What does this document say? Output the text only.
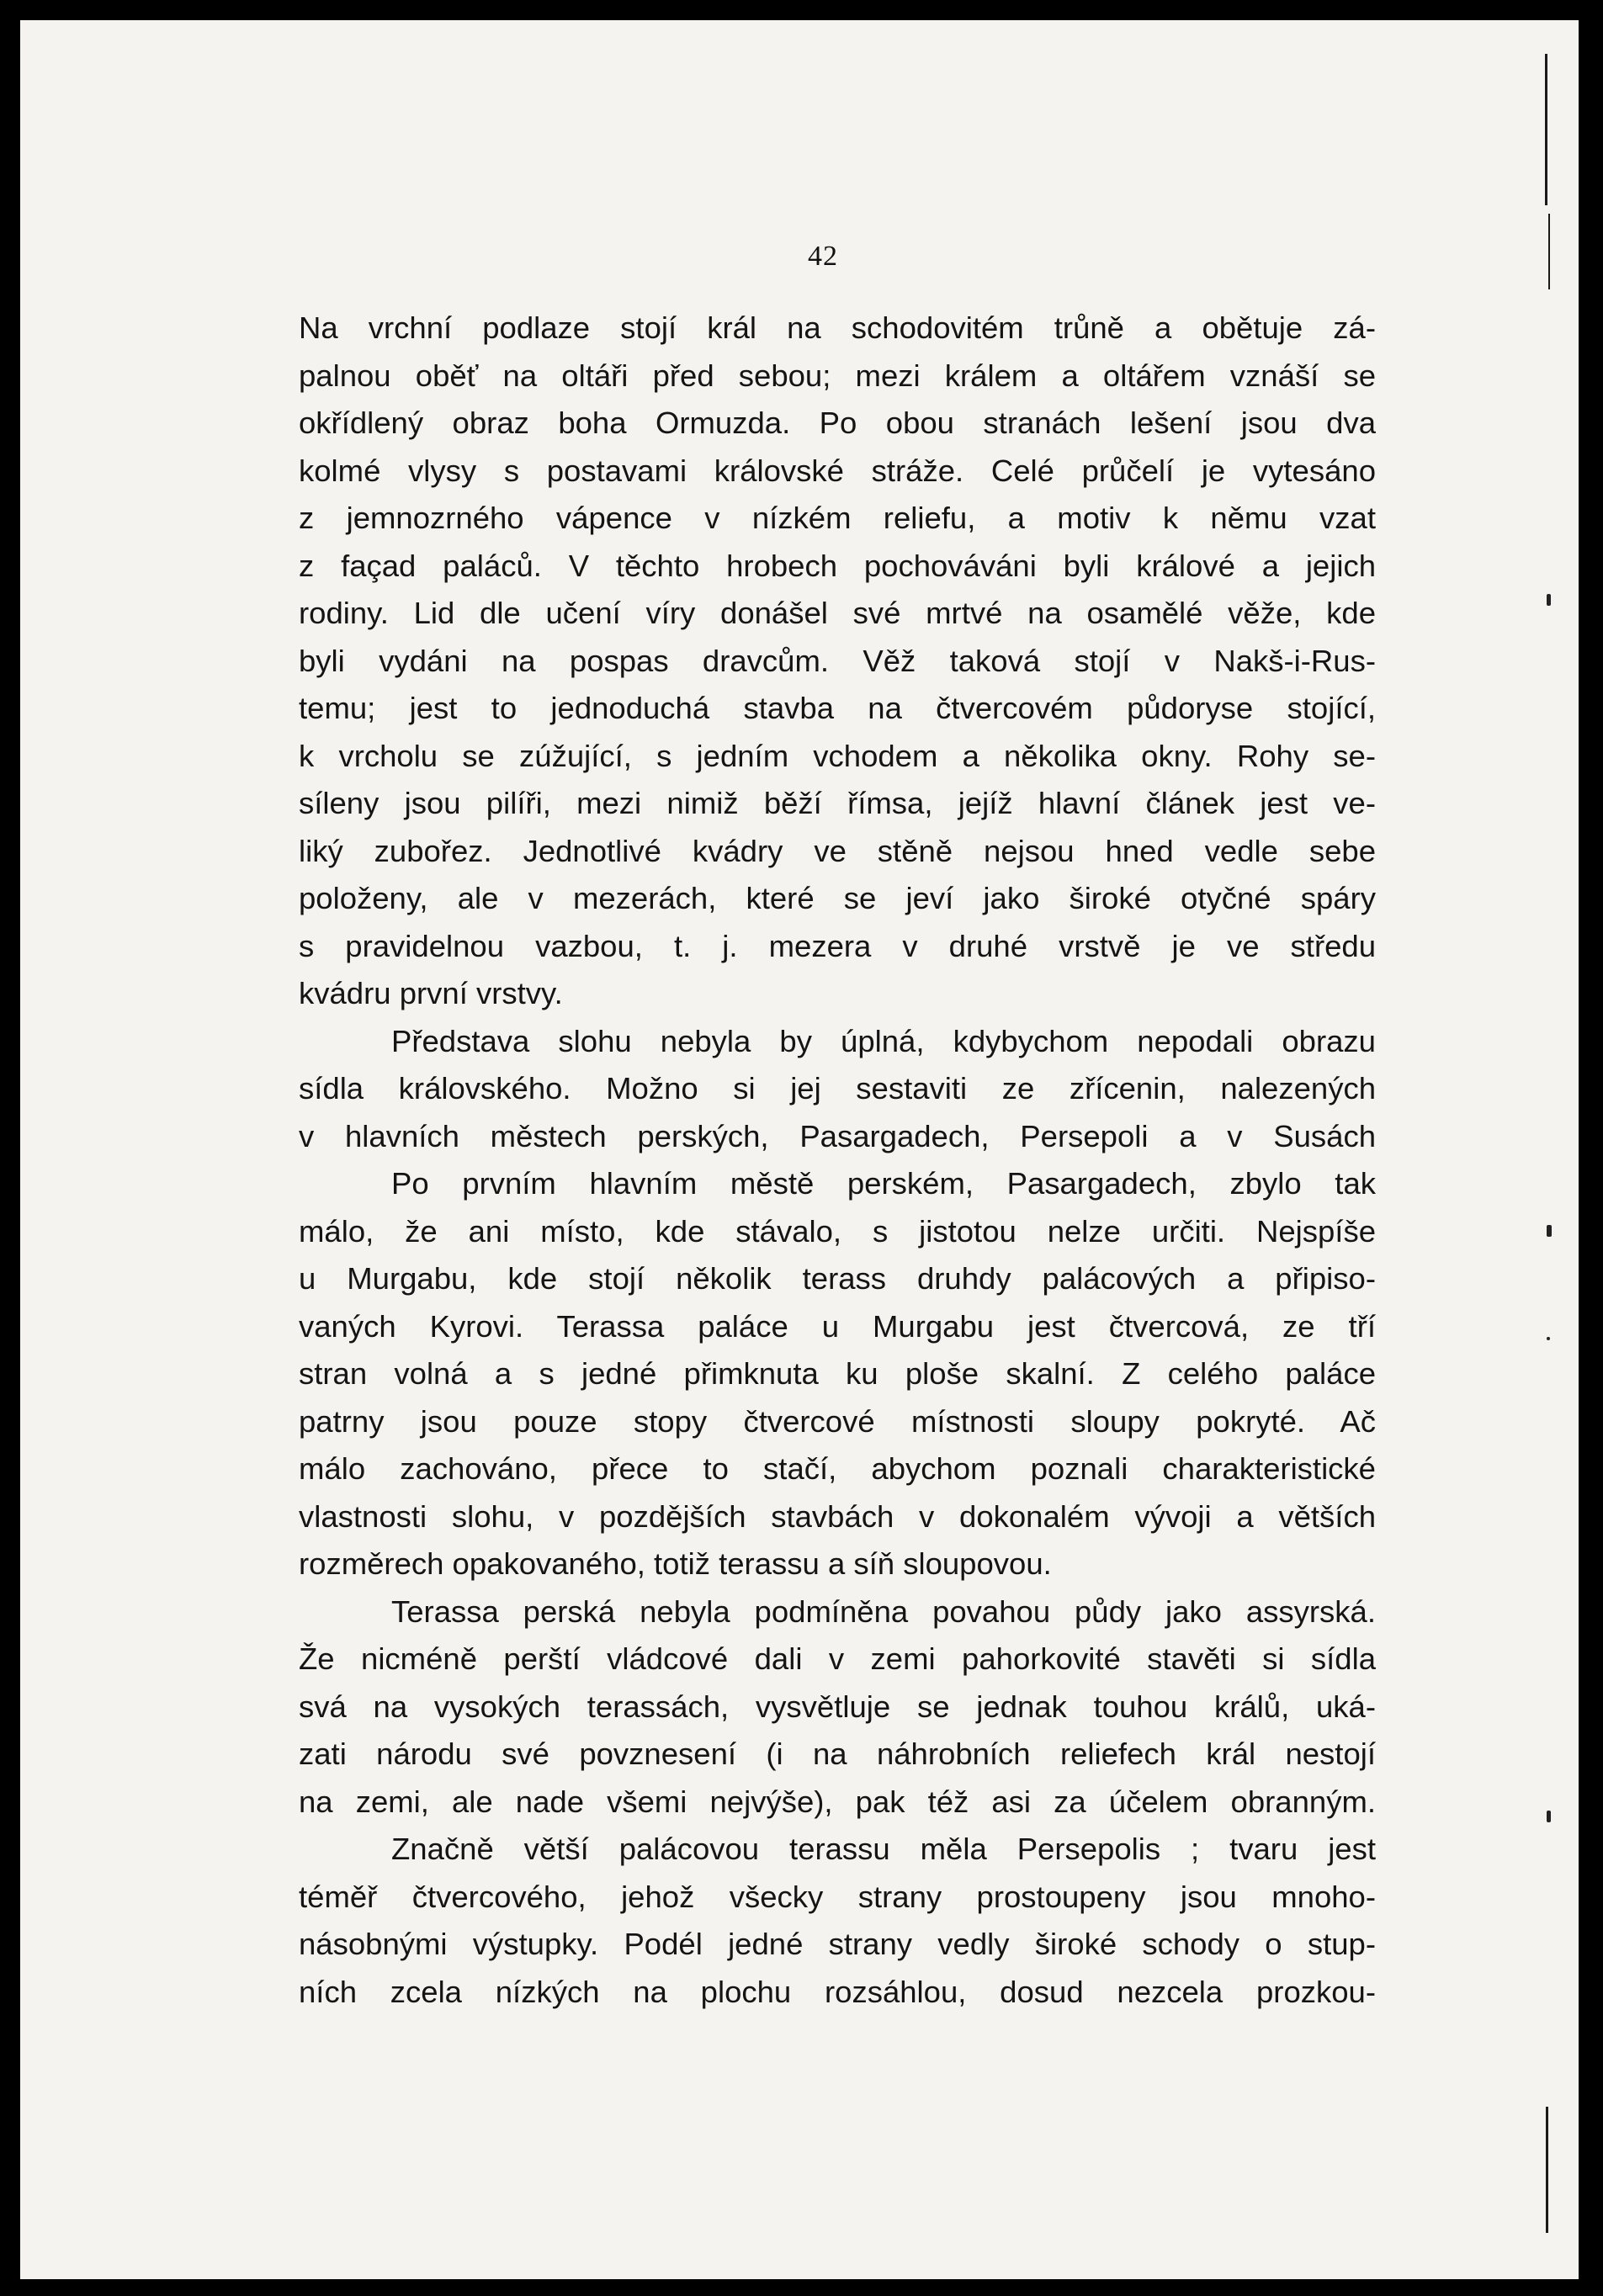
42
Na vrchní podlaze stojí král na schodovitém trůně a obětuje zá-
palnou oběť na oltáři před sebou; mezi králem a oltářem vznáší se
okřídlený obraz boha Ormuzda. Po obou stranách lešení jsou dva
kolmé vlysy s postavami královské stráže. Celé průčelí je vytesáno
z jemnozrného vápence v nízkém reliefu, a motiv k němu vzat
z façad paláců. V těchto hrobech pochováváni byli králové a jejich
rodiny. Lid dle učení víry donášel své mrtvé na osamělé věže, kde
byli vydáni na pospas dravcům. Věž taková stojí v Nakš-i-Rus-
temu; jest to jednoduchá stavba na čtvercovém půdoryse stojící,
k vrcholu se zúžující, s jedním vchodem a několika okny. Rohy se-
síleny jsou pilíři, mezi nimiž běží římsa, jejíž hlavní článek jest ve-
liký zubořez. Jednotlivé kvádry ve stěně nejsou hned vedle sebe
položeny, ale v mezerách, které se jeví jako široké otyčné spáry
s pravidelnou vazbou, t. j. mezera v druhé vrstvě je ve středu
kvádru první vrstvy.
Představa slohu nebyla by úplná, kdybychom nepodali obrazu
sídla královského. Možno si jej sestaviti ze zřícenin, nalezených
v hlavních městech perských, Pasargadech, Persepoli a v Susách
Po prvním hlavním městě perském, Pasargadech, zbylo tak
málo, že ani místo, kde stávalo, s jistotou nelze určiti. Nejspíše
u Murgabu, kde stojí několik terass druhdy palácových a připiso-
vaných Kyrovi. Terassa paláce u Murgabu jest čtvercová, ze tří
stran volná a s jedné přimknuta ku ploše skalní. Z celého paláce
patrny jsou pouze stopy čtvercové místnosti sloupy pokryté. Ač
málo zachováno, přece to stačí, abychom poznali charakteristické
vlastnosti slohu, v pozdějších stavbách v dokonalém vývoji a větších
rozměrech opakovaného, totiž terassu a síň sloupovou.
Terassa perská nebyla podmíněna povahou půdy jako assyrská.
Že nicméně perští vládcové dali v zemi pahorkovité stavěti si sídla
svá na vysokých terassách, vysvětluje se jednak touhou králů, uká-
zati národu své povznesení (i na náhrobních reliefech král nestojí
na zemi, ale nade všemi nejvýše), pak též asi za účelem obranným.
Značně větší palácovou terassu měla Persepolis ; tvaru jest
téměř čtvercového, jehož všecky strany prostoupeny jsou mnoho-
násobnými výstupky. Podél jedné strany vedly široké schody o stup-
ních zcela nízkých na plochu rozsáhlou, dosud nezcela prozkou-
